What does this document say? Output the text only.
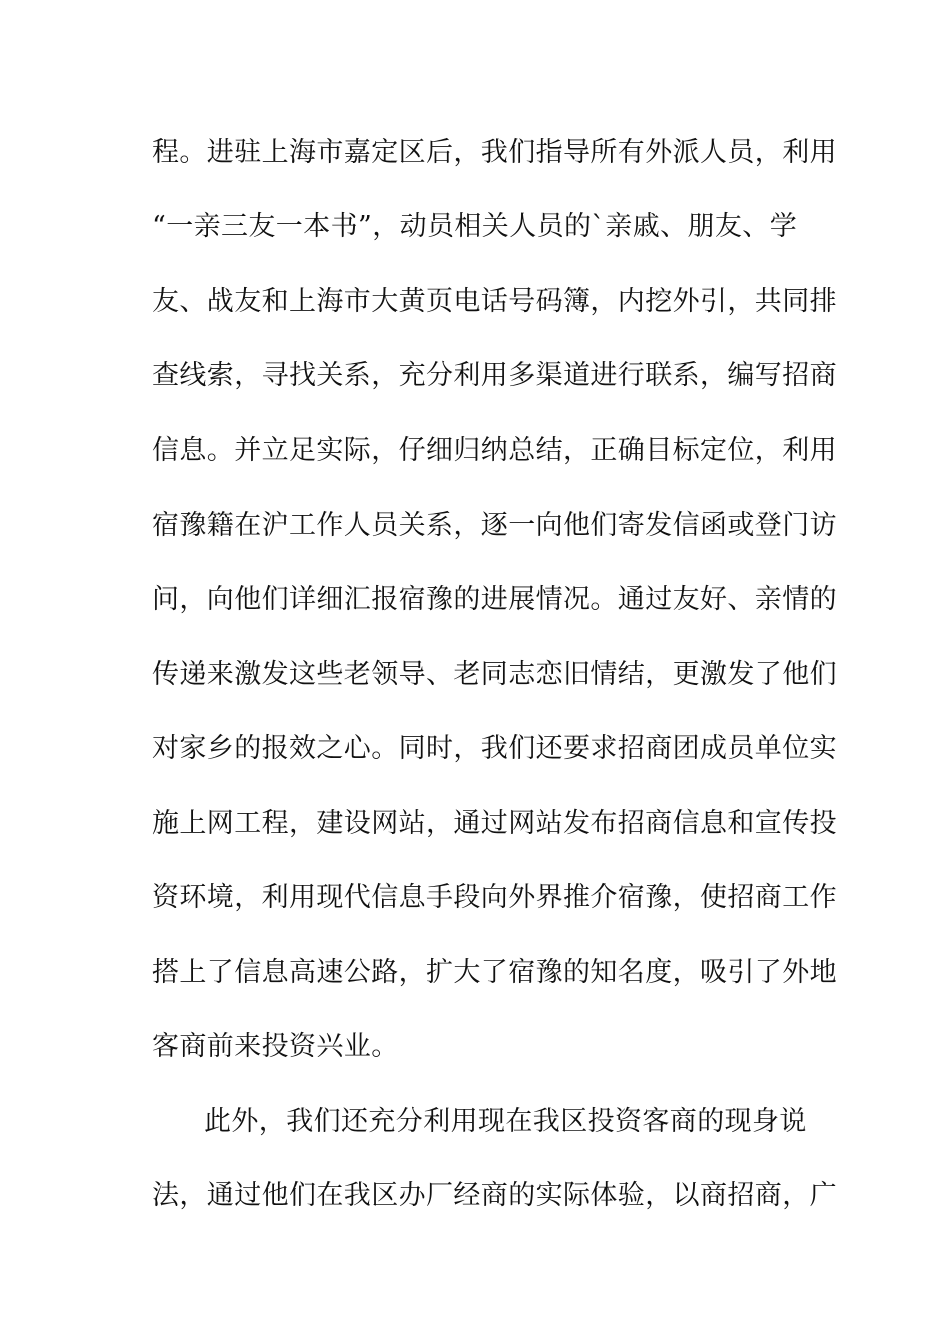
程。进驻上海市嘉定区后，我们指导所有外派人员，利用
“一亲三友一本书”，动员相关人员的`亲戚、朋友、学
友、战友和上海市大黄页电话号码簿，内挖外引，共同排
查线索，寻找关系，充分利用多渠道进行联系，编写招商
信息。并立足实际，仔细归纳总结，正确目标定位，利用
宿豫籍在沪工作人员关系，逐一向他们寄发信函或登门访
问，向他们详细汇报宿豫的进展情况。通过友好、亲情的
传递来激发这些老领导、老同志恋旧情结，更激发了他们
对家乡的报效之心。同时，我们还要求招商团成员单位实
施上网工程，建设网站，通过网站发布招商信息和宣传投
资环境，利用现代信息手段向外界推介宿豫，使招商工作
搭上了信息高速公路，扩大了宿豫的知名度，吸引了外地
客商前来投资兴业。
此外，我们还充分利用现在我区投资客商的现身说
法，通过他们在我区办厂经商的实际体验，以商招商，广
